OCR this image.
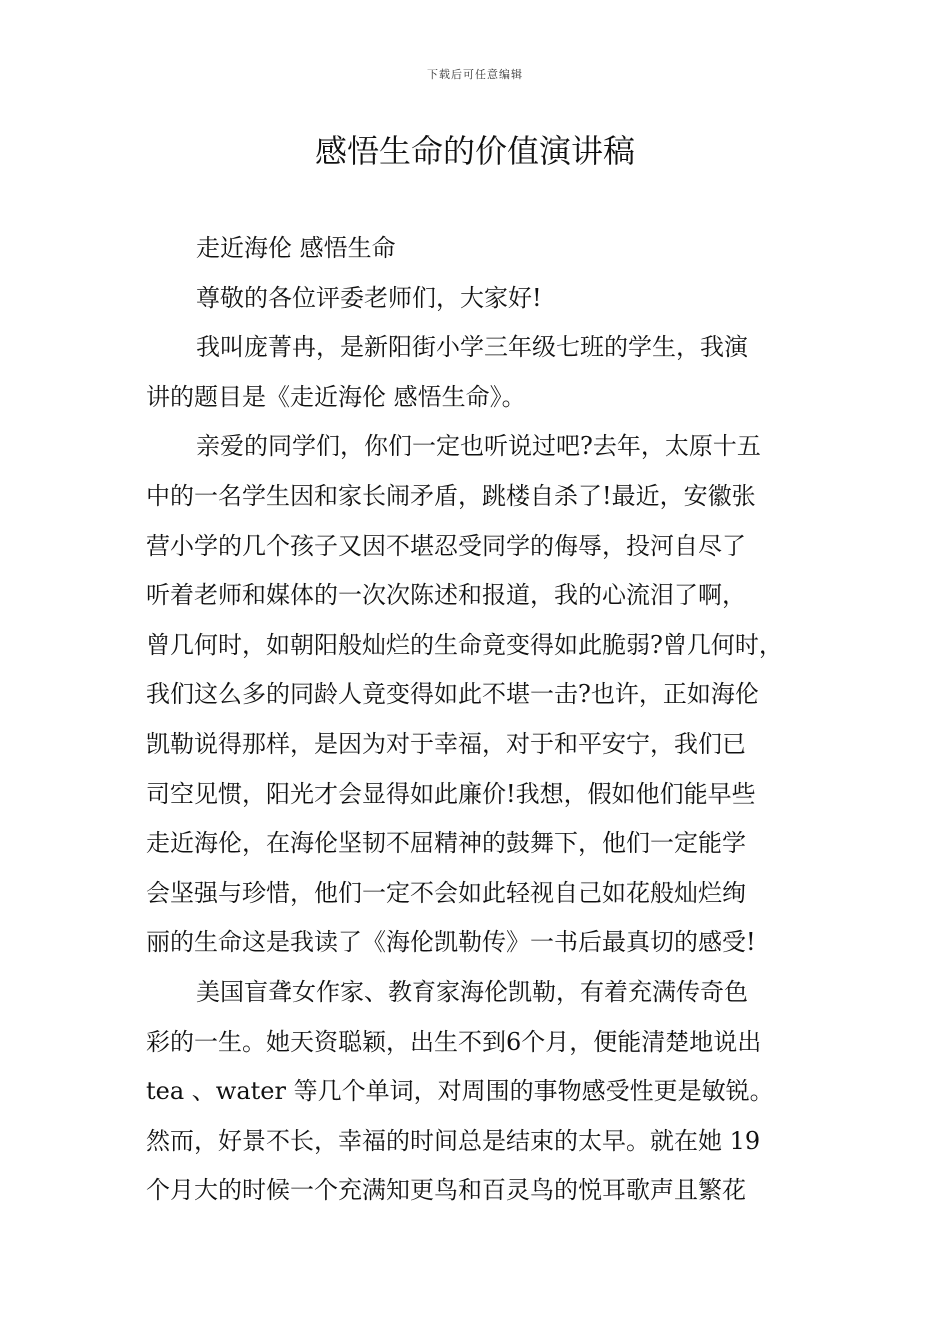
下载后可任意编辑
感悟生命的价值演讲稿
走近海伦 感悟生命
尊敬的各位评委老师们，大家好!
我叫庞菁冉，是新阳街小学三年级七班的学生，我演
讲的题目是《走近海伦 感悟生命》。
亲爱的同学们，你们一定也听说过吧?去年，太原十五
中的一名学生因和家长闹矛盾，跳楼自杀了!最近，安徽张
营小学的几个孩子又因不堪忍受同学的侮辱，投河自尽了
听着老师和媒体的一次次陈述和报道，我的心流泪了啊，
曾几何时，如朝阳般灿烂的生命竟变得如此脆弱?曾几何时，
我们这么多的同龄人竟变得如此不堪一击?也许，正如海伦
凯勒说得那样，是因为对于幸福，对于和平安宁，我们已
司空见惯，阳光才会显得如此廉价!我想，假如他们能早些
走近海伦，在海伦坚韧不屈精神的鼓舞下，他们一定能学
会坚强与珍惜，他们一定不会如此轻视自己如花般灿烂绚
丽的生命这是我读了《海伦凯勒传》一书后最真切的感受!
美国盲聋女作家、教育家海伦凯勒，有着充满传奇色
彩的一生。她天资聪颖，出生不到6个月，便能清楚地说出
tea 、water 等几个单词，对周围的事物感受性更是敏锐。
然而，好景不长，幸福的时间总是结束的太早。就在她 19
个月大的时候一个充满知更鸟和百灵鸟的悦耳歌声且繁花
